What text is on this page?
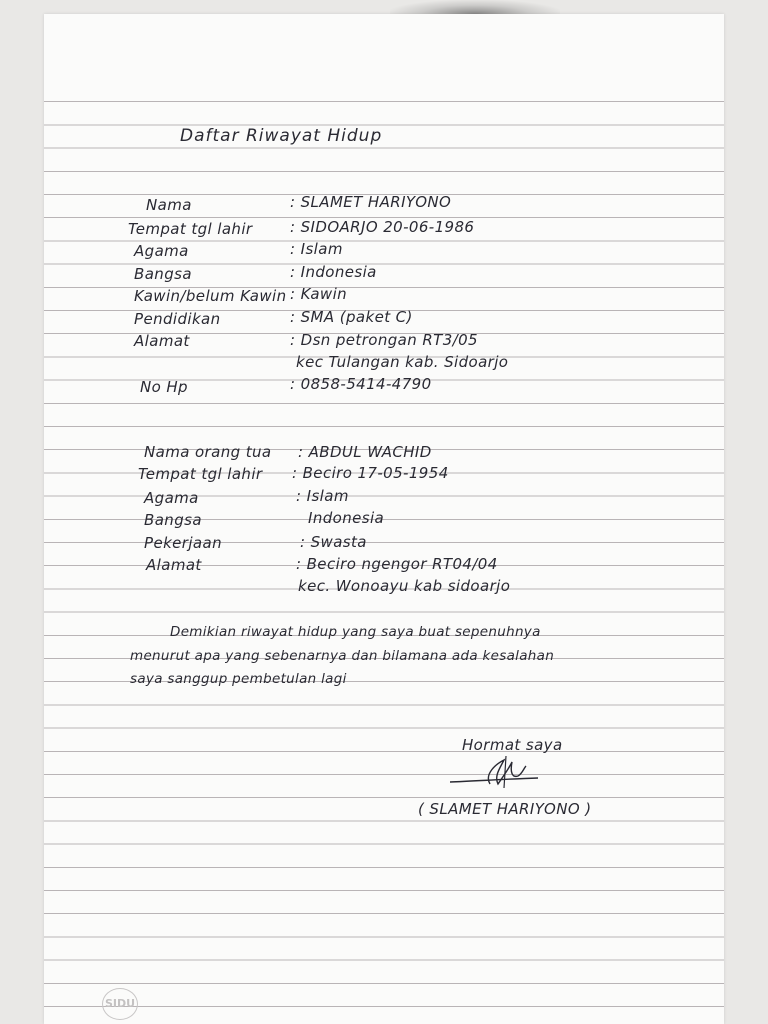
Daftar Riwayat Hidup
Nama	: SLAMET HARIYONO
Tempat tgl lahir	: SIDOARJO 20-06-1986
Agama	: Islam
Bangsa	: Indonesia
Kawin/belum Kawin : Kawin
Pendidikan	: SMA (paket C)
Alamat	: Dsn petrongan RT3/05
kec Tulangan kab. Sidoarjo
No Hp	: 0858-5414-4790
Nama orang tua : ABDUL WACHID
Tempat tgl lahir : Beciro 17-05-1954
Agama	: Islam
Bangsa	Indonesia
Pekerjaan	: Swasta
Alamat	: Beciro ngengor RT04/04
kec. Wonoayu kab sidoarjo
Demikian riwayat hidup yang saya buat sepenuhnya
menurut apa yang sebenarnya dan bilamana ada kesalahan
saya sanggup pembetulan lagi
Hormat saya
( SLAMET HARIYONO )
SIDU
